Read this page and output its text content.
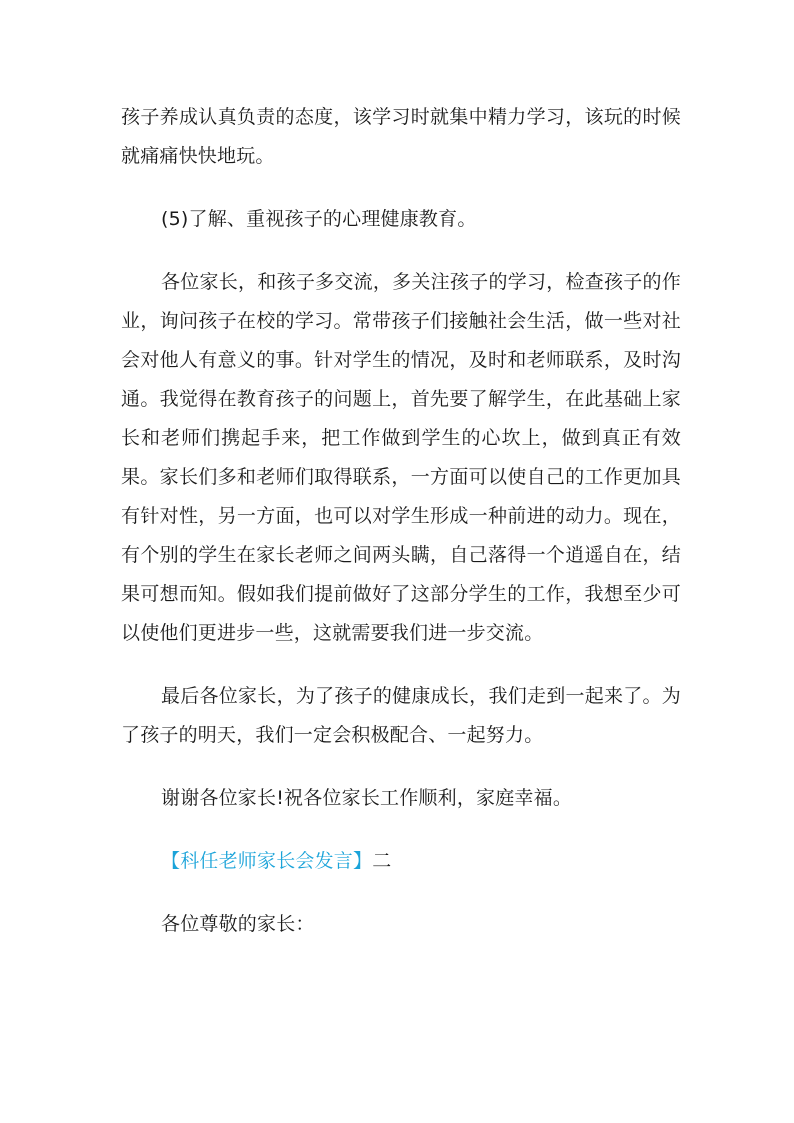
孩子养成认真负责的态度，该学习时就集中精力学习，该玩的时候就痛痛快快地玩。

(5)了解、重视孩子的心理健康教育。

各位家长，和孩子多交流，多关注孩子的学习，检查孩子的作业，询问孩子在校的学习。常带孩子们接触社会生活，做一些对社会对他人有意义的事。针对学生的情况，及时和老师联系，及时沟通。我觉得在教育孩子的问题上，首先要了解学生，在此基础上家长和老师们携起手来，把工作做到学生的心坎上，做到真正有效果。家长们多和老师们取得联系，一方面可以使自己的工作更加具有针对性，另一方面，也可以对学生形成一种前进的动力。现在，有个别的学生在家长老师之间两头瞒，自己落得一个逍遥自在，结果可想而知。假如我们提前做好了这部分学生的工作，我想至少可以使他们更进步一些，这就需要我们进一步交流。

最后各位家长，为了孩子的健康成长，我们走到一起来了。为了孩子的明天，我们一定会积极配合、一起努力。

谢谢各位家长!祝各位家长工作顺利，家庭幸福。

【科任老师家长会发言】二

各位尊敬的家长：
